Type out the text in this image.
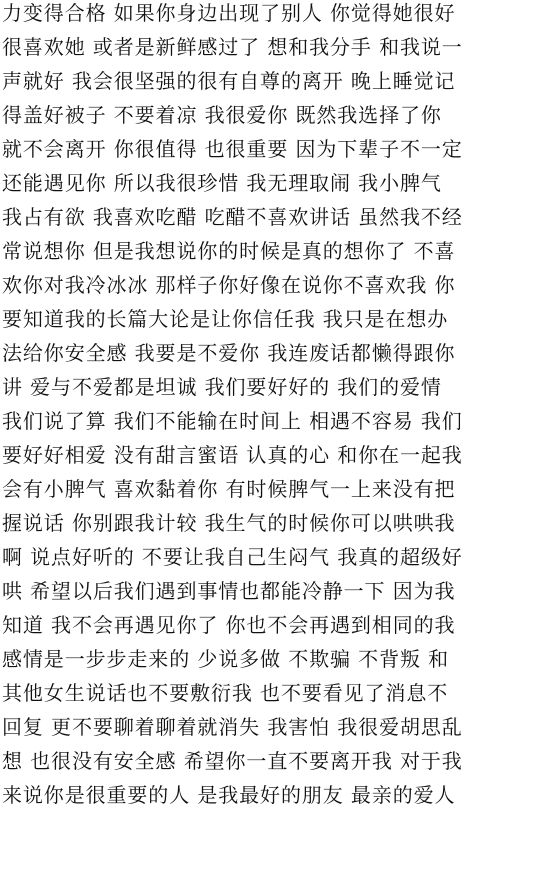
力变得合格 如果你身边出现了别人 你觉得她很好
很喜欢她 或者是新鲜感过了 想和我分手 和我说一
声就好 我会很坚强的很有自尊的离开 晚上睡觉记
得盖好被子 不要着凉 我很爱你 既然我选择了你
就不会离开 你很值得 也很重要 因为下辈子不一定
还能遇见你 所以我很珍惜 我无理取闹 我小脾气
我占有欲 我喜欢吃醋 吃醋不喜欢讲话 虽然我不经
常说想你 但是我想说你的时候是真的想你了 不喜
欢你对我冷冰冰 那样子你好像在说你不喜欢我 你
要知道我的长篇大论是让你信任我 我只是在想办
法给你安全感 我要是不爱你 我连废话都懒得跟你
讲 爱与不爱都是坦诚 我们要好好的 我们的爱情
我们说了算 我们不能输在时间上 相遇不容易 我们
要好好相爱 没有甜言蜜语 认真的心 和你在一起我
会有小脾气 喜欢黏着你 有时候脾气一上来没有把
握说话 你别跟我计较 我生气的时候你可以哄哄我
啊 说点好听的 不要让我自己生闷气 我真的超级好
哄 希望以后我们遇到事情也都能冷静一下 因为我
知道 我不会再遇见你了 你也不会再遇到相同的我
感情是一步步走来的 少说多做 不欺骗 不背叛 和
其他女生说话也不要敷衍我 也不要看见了消息不
回复 更不要聊着聊着就消失 我害怕 我很爱胡思乱
想 也很没有安全感 希望你一直不要离开我 对于我
来说你是很重要的人 是我最好的朋友 最亲的爱人
